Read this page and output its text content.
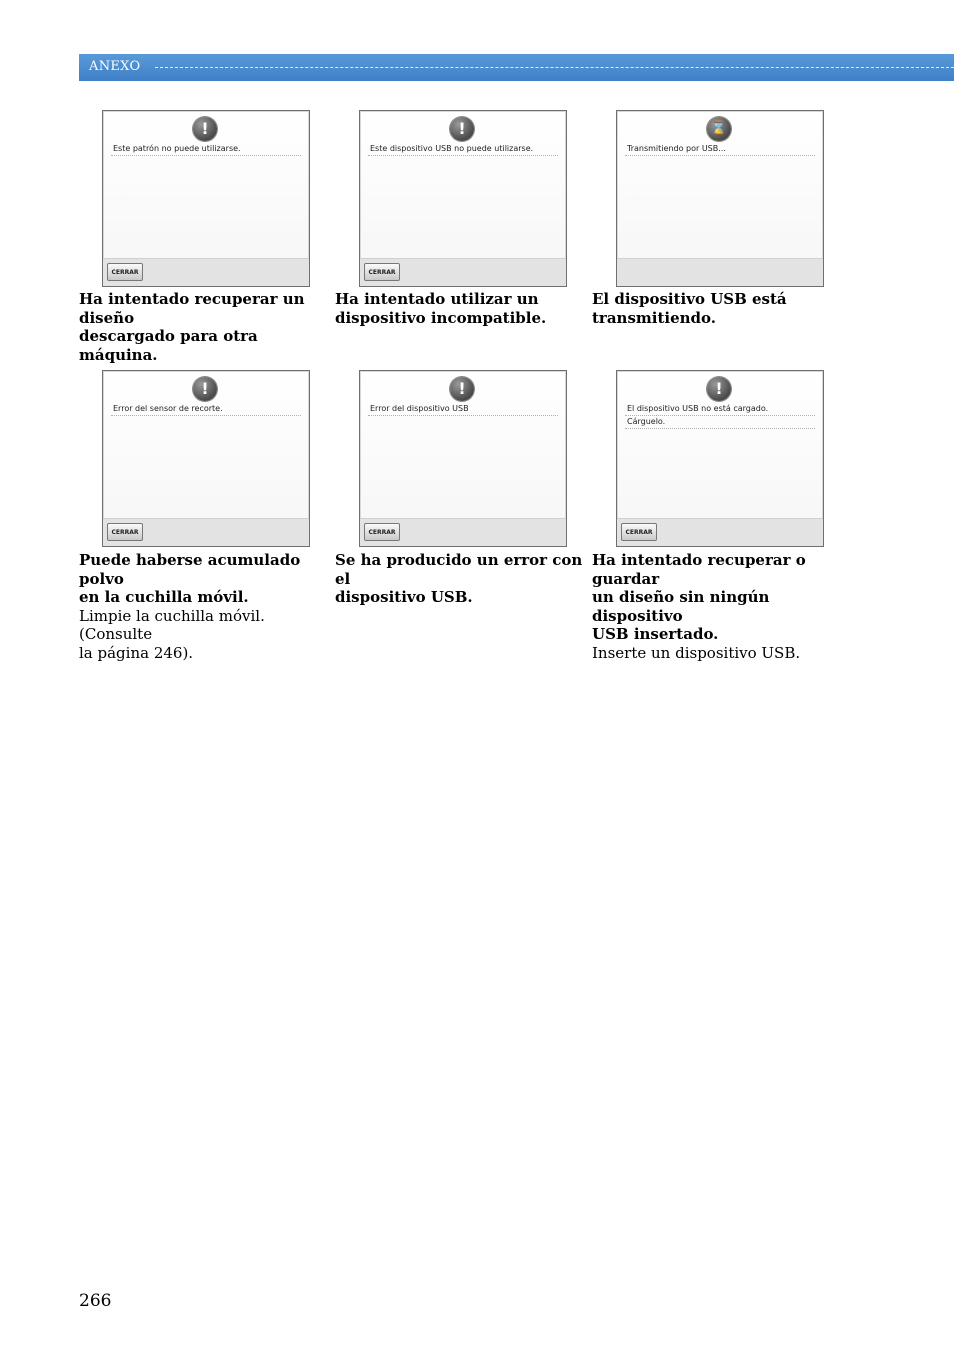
ANEXO
!
Este patrón no puede utilizarse.
CERRAR
Ha intentado recuperar un diseño
descargado para otra máquina.
!
Este dispositivo USB no puede utilizarse.
CERRAR
Ha intentado utilizar un
dispositivo incompatible.
⌛
Transmitiendo por USB...
El dispositivo USB está
transmitiendo.
!
Error del sensor de recorte.
CERRAR
Puede haberse acumulado polvo
en la cuchilla móvil.
Limpie la cuchilla móvil. (Consulte
la página 246).
!
Error del dispositivo USB
CERRAR
Se ha producido un error con el
dispositivo USB.
!
El dispositivo USB no está cargado.
Cárguelo.
CERRAR
Ha intentado recuperar o guardar
un diseño sin ningún dispositivo
USB insertado.
Inserte un dispositivo USB.
266
